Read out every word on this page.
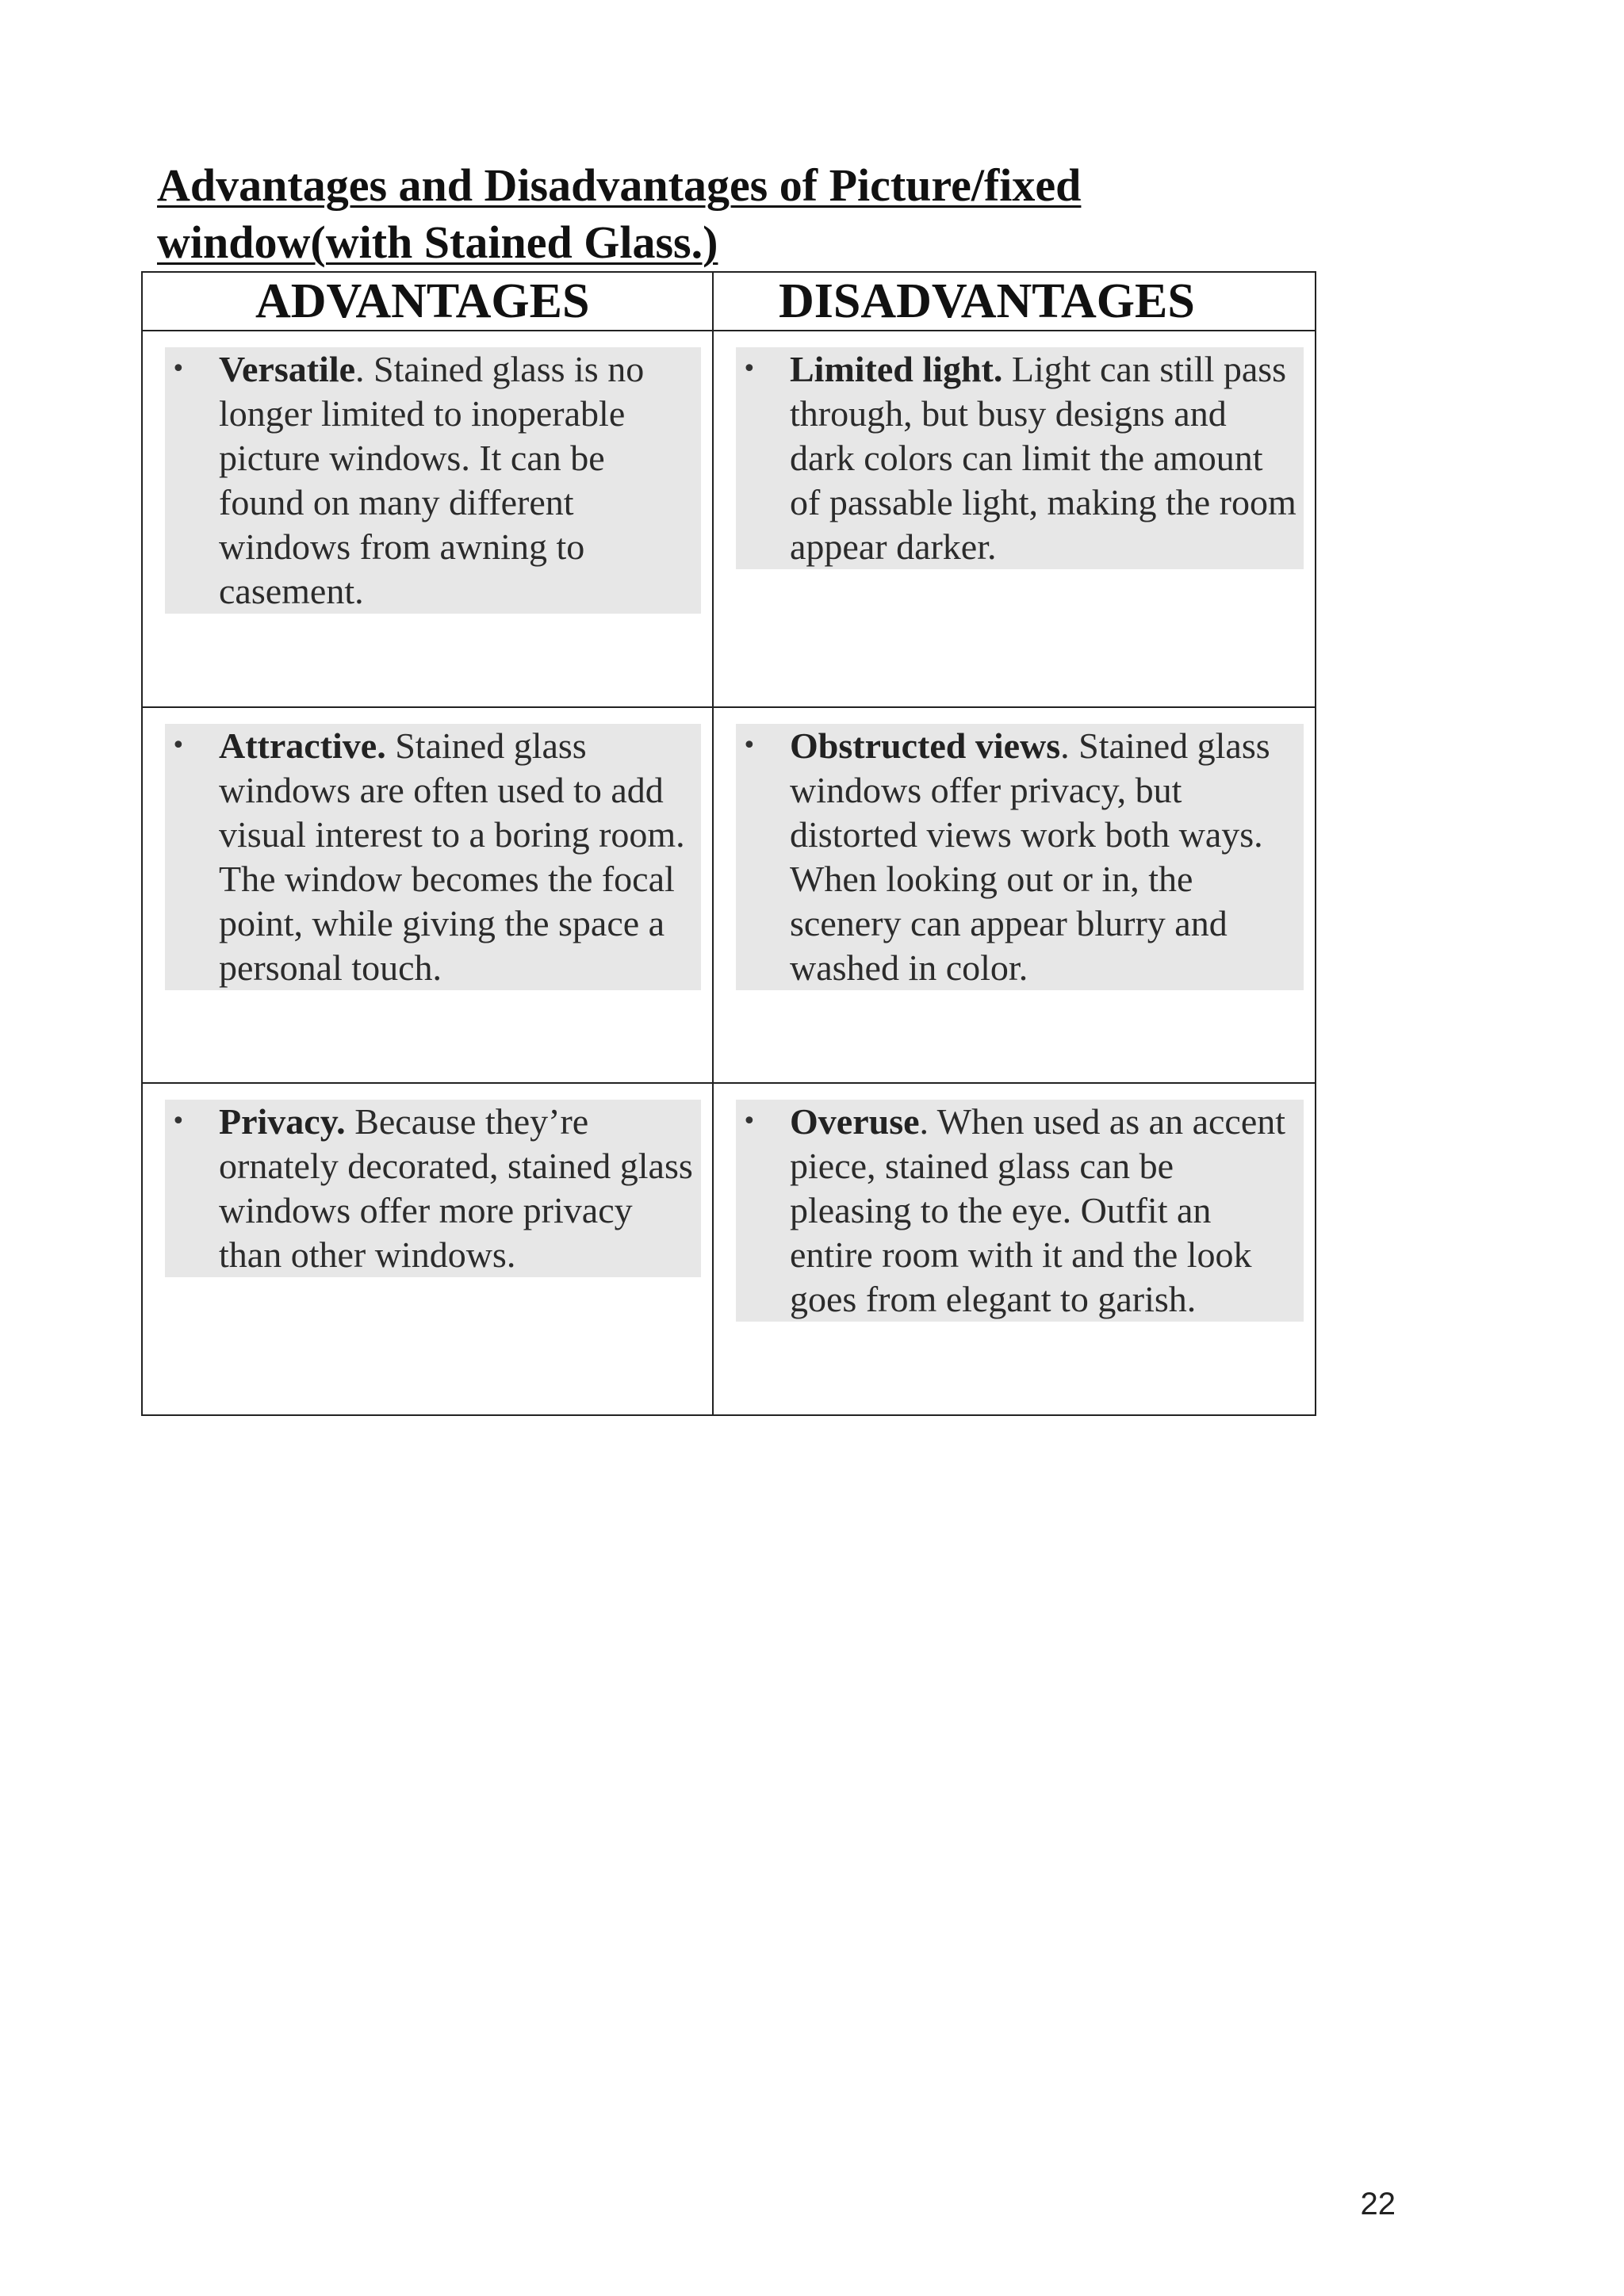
Advantages and Disadvantages of Picture/fixed window(with Stained Glass.)
ADVANTAGES	DISADVANTAGES

• Versatile. Stained glass is no longer limited to inoperable picture windows. It can be found on many different windows from awning to casement.	• Limited light. Light can still pass through, but busy designs and dark colors can limit the amount of passable light, making the room appear darker.

• Attractive. Stained glass windows are often used to add visual interest to a boring room. The window becomes the focal point, while giving the space a personal touch.	• Obstructed views. Stained glass windows offer privacy, but distorted views work both ways. When looking out or in, the scenery can appear blurry and washed in color.

• Privacy. Because they’re ornately decorated, stained glass windows offer more privacy than other windows.	• Overuse. When used as an accent piece, stained glass can be pleasing to the eye. Outfit an entire room with it and the look goes from elegant to garish.
22
